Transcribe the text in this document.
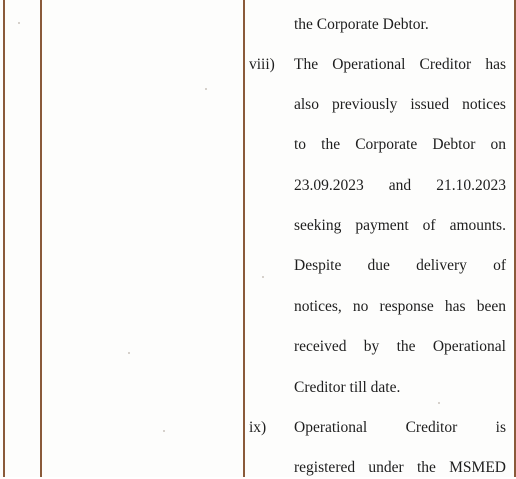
the Corporate Debtor.
viii) The Operational Creditor has
also previously issued notices
to the Corporate Debtor on
23.09.2023 and 21.10.2023
seeking payment of amounts.
Despite due delivery of
notices, no response has been
received by the Operational
Creditor till date.
ix) Operational Creditor is
registered under the MSMED
